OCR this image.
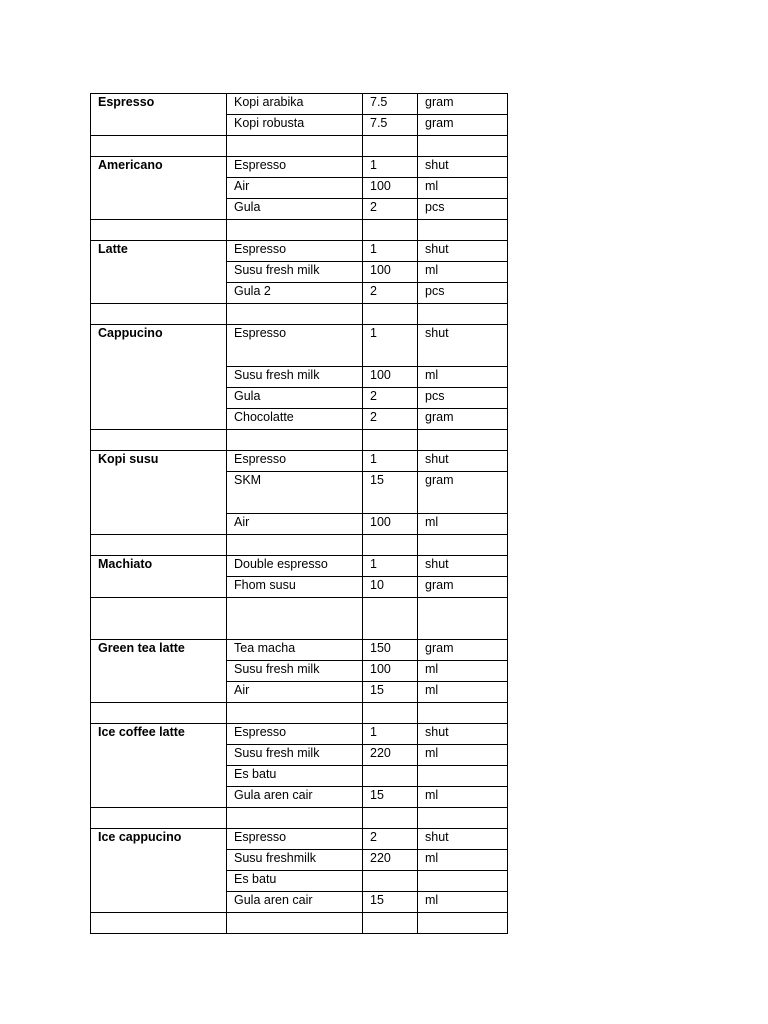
Espresso	Kopi arabika	7.5	gram
	Kopi robusta	7.5	gram

Americano	Espresso	1	shut
	Air	100	ml
	Gula	2	pcs

Latte	Espresso	1	shut
	Susu fresh milk	100	ml
	Gula 2	2	pcs

Cappucino	Espresso	1	shut
	Susu fresh milk	100	ml
	Gula	2	pcs
	Chocolatte	2	gram

Kopi susu	Espresso	1	shut
	SKM	15	gram
	Air	100	ml

Machiato	Double espresso	1	shut
	Fhom susu	10	gram

Green tea latte	Tea macha	150	gram
	Susu fresh milk	100	ml
	Air	15	ml

Ice coffee latte	Espresso	1	shut
	Susu fresh milk	220	ml
	Es batu		
	Gula aren cair	15	ml

Ice cappucino	Espresso	2	shut
	Susu freshmilk	220	ml
	Es batu		
	Gula aren cair	15	ml
